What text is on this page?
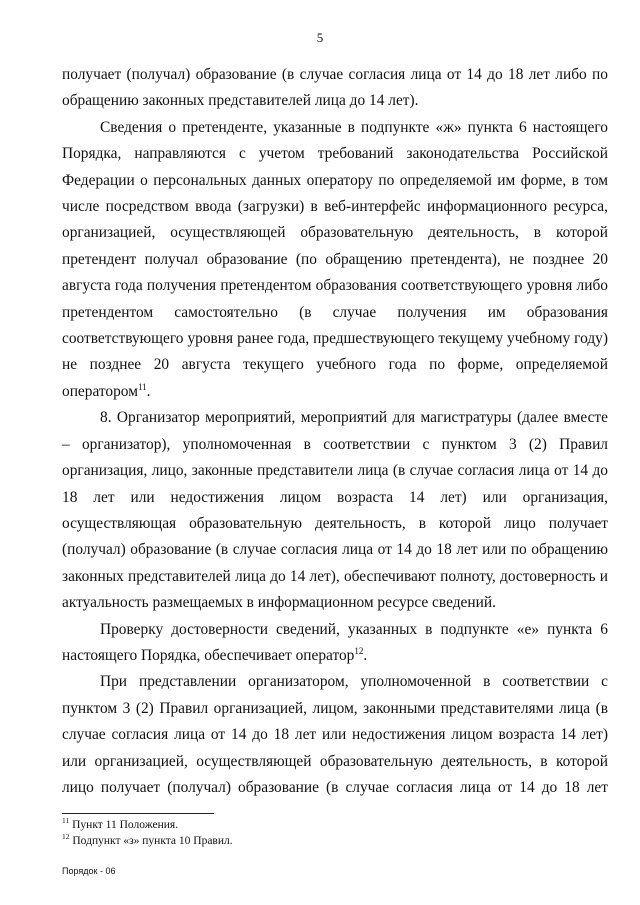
5

получает (получал) образование (в случае согласия лица от 14 до 18 лет либо по обращению законных представителей лица до 14 лет).

Сведения о претенденте, указанные в подпункте «ж» пункта 6 настоящего Порядка, направляются с учетом требований законодательства Российской Федерации о персональных данных оператору по определяемой им форме, в том числе посредством ввода (загрузки) в веб-интерфейс информационного ресурса, организацией, осуществляющей образовательную деятельность, в которой претендент получал образование (по обращению претендента), не позднее 20 августа года получения претендентом образования соответствующего уровня либо претендентом самостоятельно (в случае получения им образования соответствующего уровня ранее года, предшествующего текущему учебному году) не позднее 20 августа текущего учебного года по форме, определяемой оператором$^{11}$.

8. Организатор мероприятий, мероприятий для магистратуры (далее вместе – организатор), уполномоченная в соответствии с пунктом 3 (2) Правил организация, лицо, законные представители лица (в случае согласия лица от 14 до 18 лет или недостижения лицом возраста 14 лет) или организация, осуществляющая образовательную деятельность, в которой лицо получает (получал) образование (в случае согласия лица от 14 до 18 лет или по обращению законных представителей лица до 14 лет), обеспечивают полноту, достоверность и актуальность размещаемых в информационном ресурсе сведений.

Проверку достоверности сведений, указанных в подпункте «е» пункта 6 настоящего Порядка, обеспечивает оператор$^{12}$.

При представлении организатором, уполномоченной в соответствии с пунктом 3 (2) Правил организацией, лицом, законными представителями лица (в случае согласия лица от 14 до 18 лет или недостижения лицом возраста 14 лет) или организацией, осуществляющей образовательную деятельность, в которой лицо получает (получал) образование (в случае согласия лица от 14 до 18 лет

$^{11}$ Пункт 11 Положения.
$^{12}$ Подпункт «з» пункта 10 Правил.
Порядок - 06
